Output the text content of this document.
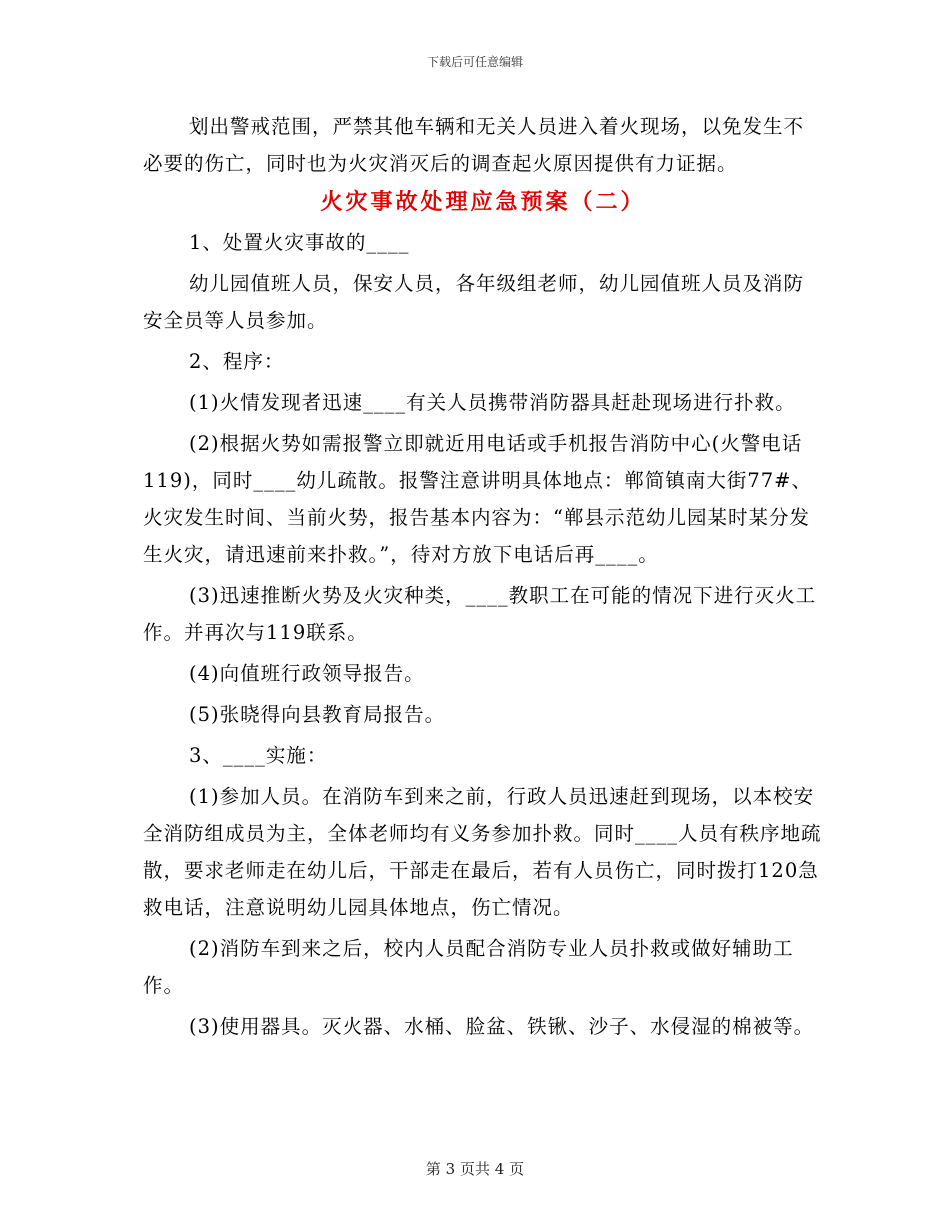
下载后可任意编辑

划出警戒范围，严禁其他车辆和无关人员进入着火现场，以免发生不必要的伤亡，同时也为火灾消灭后的调查起火原因提供有力证据。

火灾事故处理应急预案（二）

1、处置火灾事故的____

幼儿园值班人员，保安人员，各年级组老师，幼儿园值班人员及消防安全员等人员参加。

2、程序：

(1)火情发现者迅速____有关人员携带消防器具赶赴现场进行扑救。

(2)根据火势如需报警立即就近用电话或手机报告消防中心(火警电话119)，同时____幼儿疏散。报警注意讲明具体地点：郸简镇南大街77#、火灾发生时间、当前火势，报告基本内容为：“郸县示范幼儿园某时某分发生火灾，请迅速前来扑救。”，待对方放下电话后再____。

(3)迅速推断火势及火灾种类，____教职工在可能的情况下进行灭火工作。并再次与119联系。

(4)向值班行政领导报告。

(5)张晓得向县教育局报告。

3、____实施：

(1)参加人员。在消防车到来之前，行政人员迅速赶到现场，以本校安全消防组成员为主，全体老师均有义务参加扑救。同时____人员有秩序地疏散，要求老师走在幼儿后，干部走在最后，若有人员伤亡，同时拨打120急救电话，注意说明幼儿园具体地点，伤亡情况。

(2)消防车到来之后，校内人员配合消防专业人员扑救或做好辅助工作。

(3)使用器具。灭火器、水桶、脸盆、铁锹、沙子、水侵湿的棉被等。

第 3 页共 4 页
